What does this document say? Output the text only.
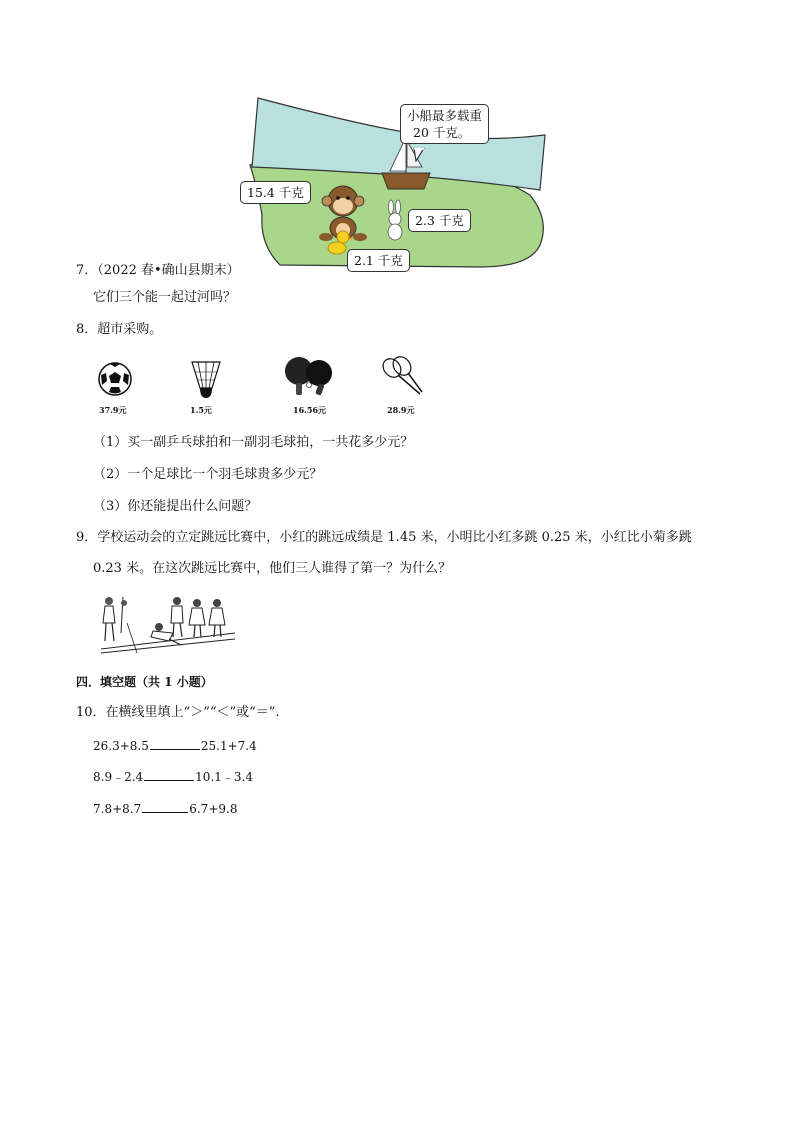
小船最多载重
20 千克。
15.4 千克
2.3 千克
2.1 千克
7．（2022 春•确山县期末）
它们三个能一起过河吗？
8．超市采购。
37.9元	1.5元	16.56元	28.9元
（1）买一副乒乓球拍和一副羽毛球拍，一共花多少元？
（2）一个足球比一个羽毛球贵多少元？
（3）你还能提出什么问题？
9．学校运动会的立定跳远比赛中，小红的跳远成绩是 1.45 米，小明比小红多跳 0.25 米，小红比小菊多跳
0.23 米。在这次跳远比赛中，他们三人谁得了第一？为什么？
四．填空题（共 1 小题）
10．在横线里填上“＞”“＜”或“＝”.
26.3+8.5	25.1+7.4
8.9﹣2.4	10.1﹣3.4
7.8+8.7	6.7+9.8
